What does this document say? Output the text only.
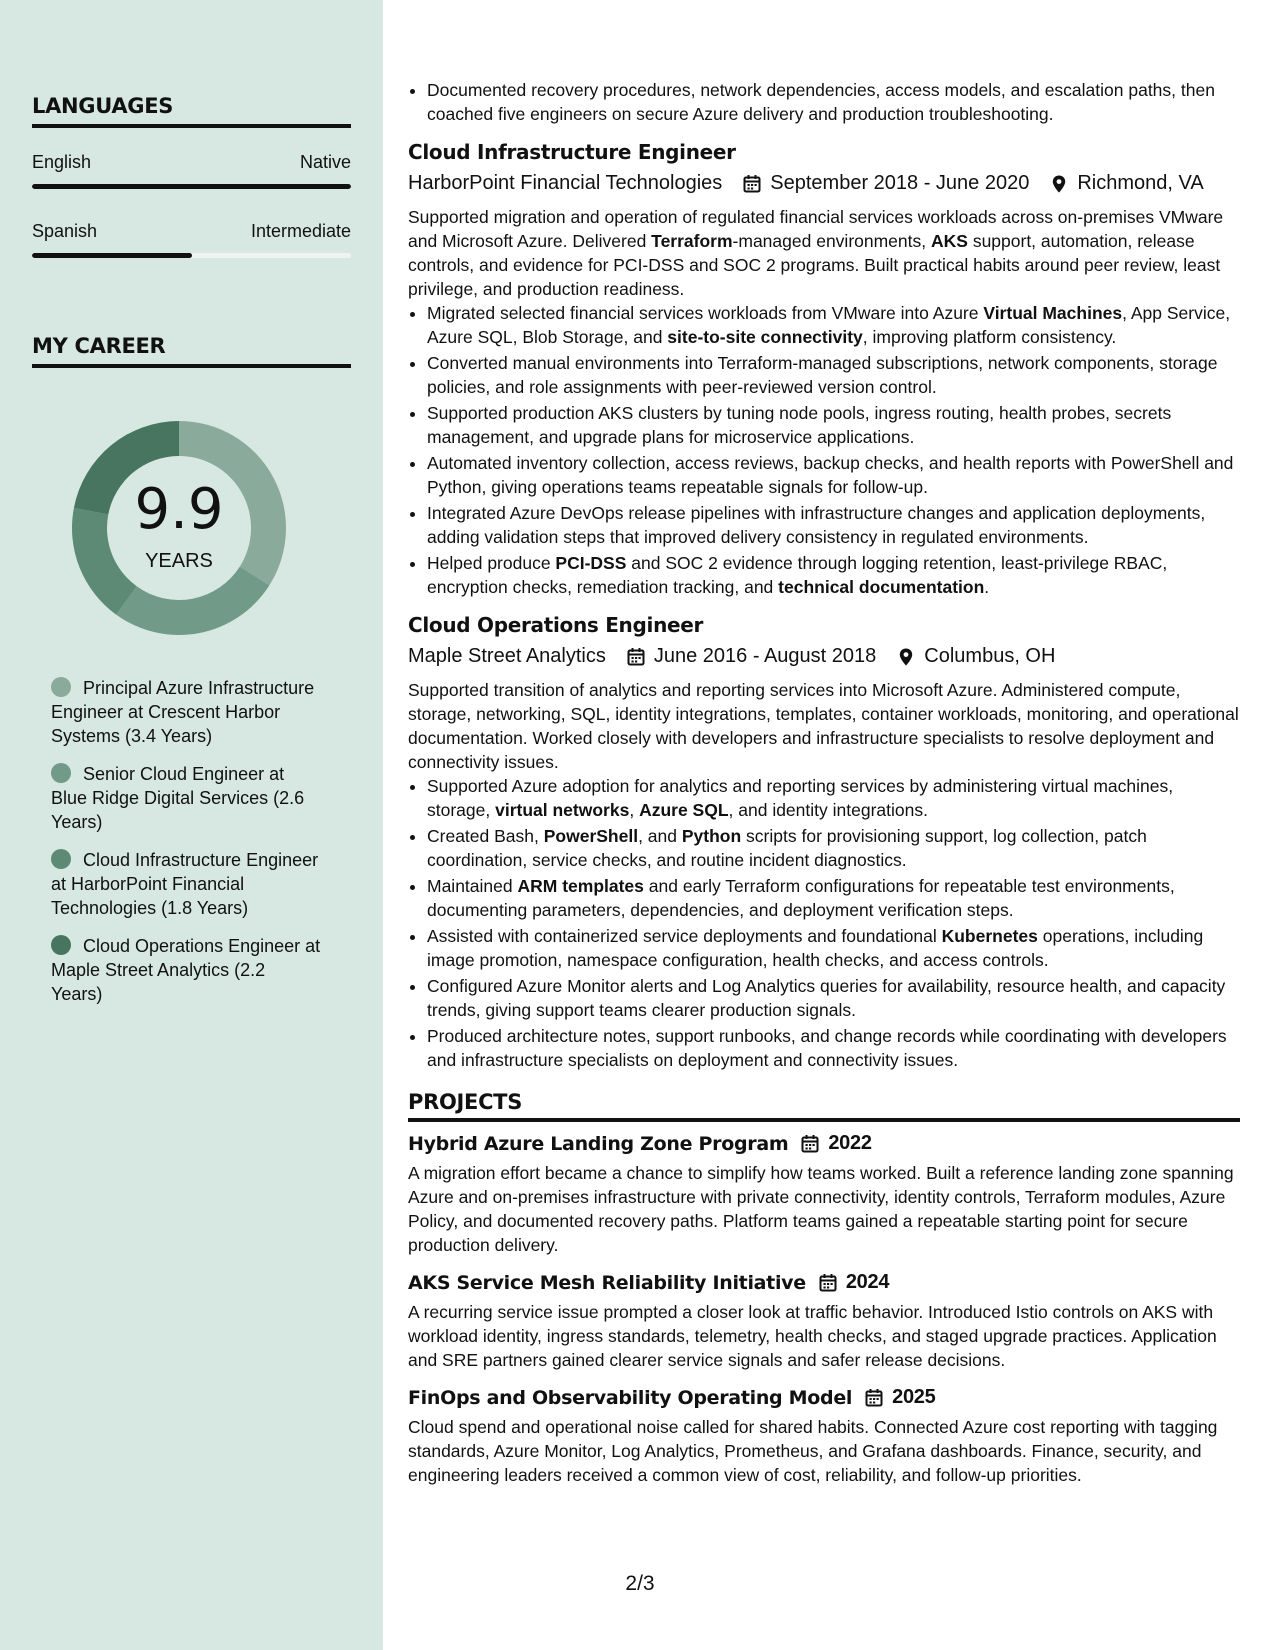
LANGUAGES
English	Native
Spanish	Intermediate
MY CAREER
9.9
YEARS
Principal Azure Infrastructure Engineer at Crescent Harbor Systems (3.4 Years)
Senior Cloud Engineer at Blue Ridge Digital Services (2.6 Years)
Cloud Infrastructure Engineer at HarborPoint Financial Technologies (1.8 Years)
Cloud Operations Engineer at Maple Street Analytics (2.2 Years)
• Documented recovery procedures, network dependencies, access models, and escalation paths, then coached five engineers on secure Azure delivery and production troubleshooting.
Cloud Infrastructure Engineer
HarborPoint Financial Technologies September 2018 - June 2020 Richmond, VA

Supported migration and operation of regulated financial services workloads across on-premises VMware and Microsoft Azure. Delivered Terraform-managed environments, AKS support, automation, release controls, and evidence for PCI-DSS and SOC 2 programs. Built practical habits around peer review, least privilege, and production readiness.

• Migrated selected financial services workloads from VMware into Azure Virtual Machines, App Service, Azure SQL, Blob Storage, and site-to-site connectivity, improving platform consistency.
• Converted manual environments into Terraform-managed subscriptions, network components, storage policies, and role assignments with peer-reviewed version control.
• Supported production AKS clusters by tuning node pools, ingress routing, health probes, secrets management, and upgrade plans for microservice applications.
• Automated inventory collection, access reviews, backup checks, and health reports with PowerShell and Python, giving operations teams repeatable signals for follow-up.
• Integrated Azure DevOps release pipelines with infrastructure changes and application deployments, adding validation steps that improved delivery consistency in regulated environments.
• Helped produce PCI-DSS and SOC 2 evidence through logging retention, least-privilege RBAC, encryption checks, remediation tracking, and technical documentation.
Cloud Operations Engineer
Maple Street Analytics June 2016 - August 2018 Columbus, OH

Supported transition of analytics and reporting services into Microsoft Azure. Administered compute, storage, networking, SQL, identity integrations, templates, container workloads, monitoring, and operational documentation. Worked closely with developers and infrastructure specialists to resolve deployment and connectivity issues.

• Supported Azure adoption for analytics and reporting services by administering virtual machines, storage, virtual networks, Azure SQL, and identity integrations.
• Created Bash, PowerShell, and Python scripts for provisioning support, log collection, patch coordination, service checks, and routine incident diagnostics.
• Maintained ARM templates and early Terraform configurations for repeatable test environments, documenting parameters, dependencies, and deployment verification steps.
• Assisted with containerized service deployments and foundational Kubernetes operations, including image promotion, namespace configuration, health checks, and access controls.
• Configured Azure Monitor alerts and Log Analytics queries for availability, resource health, and capacity trends, giving support teams clearer production signals.
• Produced architecture notes, support runbooks, and change records while coordinating with developers and infrastructure specialists on deployment and connectivity issues.
PROJECTS
Hybrid Azure Landing Zone Program 2022

A migration effort became a chance to simplify how teams worked. Built a reference landing zone spanning Azure and on-premises infrastructure with private connectivity, identity controls, Terraform modules, Azure Policy, and documented recovery paths. Platform teams gained a repeatable starting point for secure production delivery.

AKS Service Mesh Reliability Initiative 2024

A recurring service issue prompted a closer look at traffic behavior. Introduced Istio controls on AKS with workload identity, ingress standards, telemetry, health checks, and staged upgrade practices. Application and SRE partners gained clearer service signals and safer release decisions.

FinOps and Observability Operating Model 2025

Cloud spend and operational noise called for shared habits. Connected Azure cost reporting with tagging standards, Azure Monitor, Log Analytics, Prometheus, and Grafana dashboards. Finance, security, and engineering leaders received a common view of cost, reliability, and follow-up priorities.

2/3
